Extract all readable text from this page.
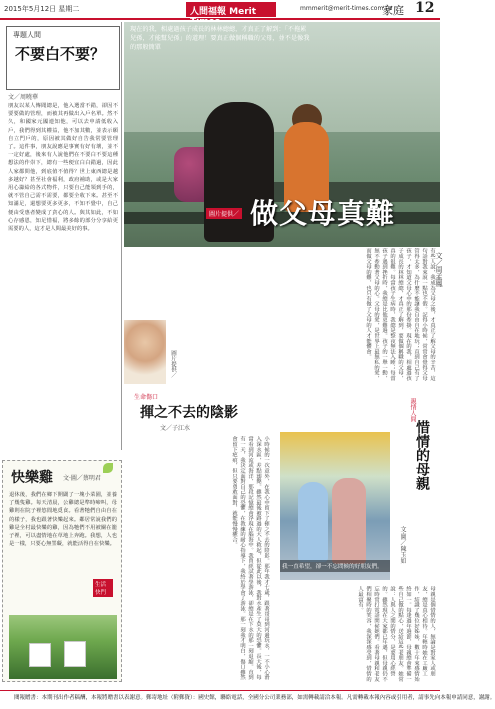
2015年5月12日 星期二	人間福報 Merit	mmmerit@merit-times.com.tw
家庭 12
現在的我，相處過孩子成長的林林總總，才真正了解到：「不拖累兒孫，才能幫兒孫」的道理！要真正做個稱職的父母，並不是像我的那般簡單
圖片提供／ 做父母真難
專題人間
不要白不要？
文／周曉華
朋友以某人傳聞總是，他入選當不錯，卻因不要要做的管理，而被其再做出入戶名單。然不久，和國家元國連知他，可以去申請低收入戶，我們得到其權益，他不加其數，並表示願自立門戶的，原因被其做好自告我常要管理了。這件事，朋友說應是事實有好有壞，並不一定好處，後來有人說他們在不要白不要這種想法的作祟下，總有一些便宜白白錯過，因此人家都問他，到底值不值得？世上東西總是越多越好？甚至社會福利，政府補助，或是大家用心籌給的各式物件，只要自己能領到手的，就不管自己需不需要，都要全收下來。甚至不知滿足，還想要更多更多，不知不覺中，自己便由受惠者變成了貪心的人。與其如此，不如心存感恩，知足惜福，將多餘的部分分享給更需要的人，這才是人間最美好的事。
有些人說，我成為父母之後，才真正了解父母的辛苦，這句話對我來說一點也不假。記得小時候，常常會覺得父母管得太多，為什麼不能讓我自由自在地玩；直到自己有了孩子，才知道父母心中的那份牽掛。現在的我，相處過孩子成長的林林總總，才真正了解到，要做個稱職的父母，真的很難。每當孩子生病時，我總是整夜無法入睡；每當孩子遇到挫折時，我總是比他更難過。孩子的一舉一動，無不牽動著父母的心。父母的愛，是世界上最無私的愛，而做父母的難，也只有做了父母的人才能體會。	文／周孟鳳
圖片提供／
快樂雞 文·圖／蔡明君
退休後，我們在鄉下開闢了一塊小菜園，並養了幾隻雞。每天清晨，公雞總是準時啼叫，母雞則在院子裡悠閒地覓食。看著牠們自由自在的樣子，我也跟著快樂起來。鄰居常說我們的雞是全村最快樂的雞，因為牠們不用被關在籠子裡，可以盡情地在草地上奔跑。我想，人也是一樣，只要心無罣礙，就能活得自在快樂。
生活快門
生命傷口
揮之不去的陰影
文／子江水
小時候的一次意外，在我心中留下了揮之不去的陰影。那年我才七歲，跟著哥哥到河邊玩水，一不小心滑入深水區，差點溺斃。雖然最後被路過的大人救起，但從此以後，我對水產生了莫大的恐懼。長大後，每當看到河流或海洋，那段記憶總會浮現在腦海中。我曾經試著學游泳，卻總是在下水的那一刻退縮。直到有一天，我決定面對自己的恐懼，在教練的耐心指導下，我終於學會了游泳。那一刻我才明白，傷口雖然會留下疤痕，但只要勇敢面對，就能慢慢癒合。
我一直希望，卻一不忘問候的好朋友們。
親情人間
惜情的母親
文·圖／陳玉如
母親是個惜情的人，無論是對家人或朋友，總是真心相待。年輕時她在工廠工作，結識了幾位好姊妹，數十年來感情始終如一。每逢過年過節，母親總會準備一些自己做的點心，送給這些老朋友。她常說：人與人之間的情分，是要用心經營的。雖然現在大家都已年邁，但母親仍不忘時常打電話問候她們。看著母親和老友們相聚時的笑容，我深深感受到，惜情的人最富有。
閱報贈書：本期刊出作者稿酬，本報將贈書以表謝意。郵寄地址（附郵資）：國史館，聯絡電話，全國分公司業務部，如需轉載請洽本報。凡需轉載本報內容或引用者，請事先向本報申請同意，謝謝。
